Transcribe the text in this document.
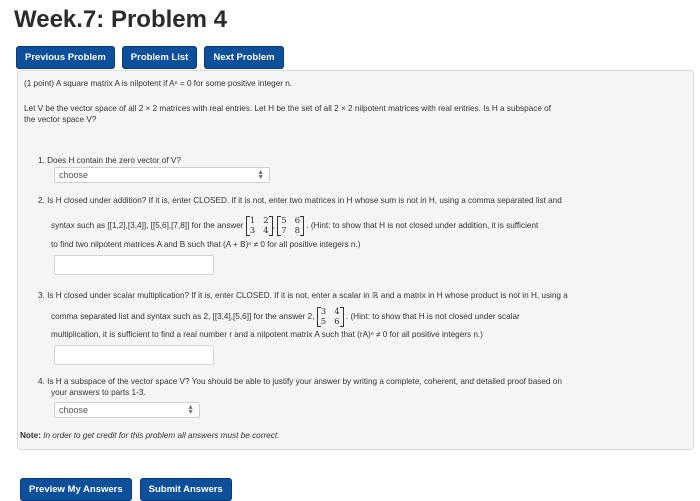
Week.7: Problem 4
Previous Problem	Problem List	Next Problem
(1 point) A square matrix A is nilpotent if Aⁿ = 0 for some positive integer n.
Let V be the vector space of all 2 × 2 matrices with real entries. Let H be the set of all 2 × 2 nilpotent matrices with real entries. Is H a subspace of
the vector space V?
1. Does H contain the zero vector of V?
choose	▲
▼
2. Is H closed under addition? If it is, enter CLOSED. If it is not, enter two matrices in H whose sum is not in H, using a comma separated list and
syntax such as [[1,2],[3,4]], [[5,6],[7,8]] for the answer 1	2
3	4
, 5	6
7	8
. (Hint: to show that H is not closed under addition, it is sufficient
to find two nilpotent matrices A and B such that (A + B)ⁿ ≠ 0 for all positive integers n.)
3. Is H closed under scalar multiplication? If it is, enter CLOSED. If it is not, enter a scalar in ℝ and a matrix in H whose product is not in H, using a
comma separated list and syntax such as 2, [[3,4],[5,6]] for the answer 2, 3	4
5	6
. (Hint: to show that H is not closed under scalar
multiplication, it is sufficient to find a real number r and a nilpotent matrix A such that (rA)ⁿ ≠ 0 for all positive integers n.)
4. Is H a subspace of the vector space V? You should be able to justify your answer by writing a complete, coherent, and detailed proof based on
your answers to parts 1-3.
choose	▲
▼
Note: In order to get credit for this problem all answers must be correct.
Preview My Answers	Submit Answers
